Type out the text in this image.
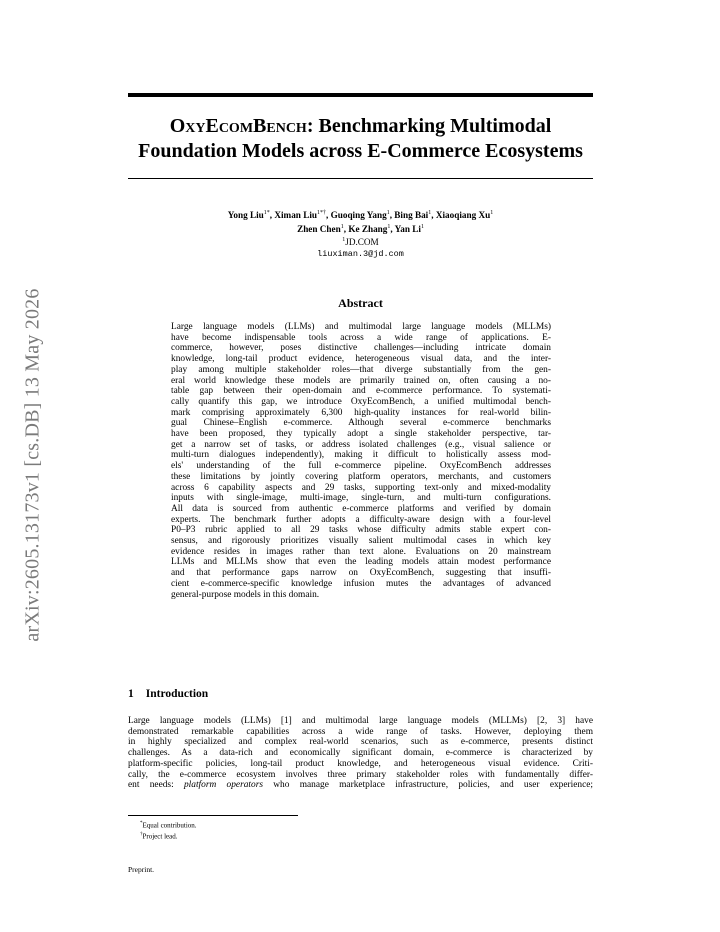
arXiv:2605.13173v1 [cs.DB] 13 May 2026
OxyEcomBench: Benchmarking Multimodal
Foundation Models across E-Commerce Ecosystems
Yong Liu$^{1*}$, Ximan Liu$^{1*\dagger}$, Guoqing Yang$^1$, Bing Bai$^1$, Xiaoqiang Xu$^1$
Zhen Chen$^1$, Ke Zhang$^1$, Yan Li$^1$
$^1$JD.COM
liuximan.3@jd.com
Abstract
Large language models (LLMs) and multimodal large language models (MLLMs)
have become indispensable tools across a wide range of applications. E-
commerce, however, poses distinctive challenges—including intricate domain
knowledge, long-tail product evidence, heterogeneous visual data, and the inter-
play among multiple stakeholder roles—that diverge substantially from the gen-
eral world knowledge these models are primarily trained on, often causing a no-
table gap between their open-domain and e-commerce performance. To systemati-
cally quantify this gap, we introduce OxyEcomBench, a unified multimodal bench-
mark comprising approximately 6,300 high-quality instances for real-world bilin-
gual Chinese–English e-commerce. Although several e-commerce benchmarks
have been proposed, they typically adopt a single stakeholder perspective, tar-
get a narrow set of tasks, or address isolated challenges (e.g., visual salience or
multi-turn dialogues independently), making it difficult to holistically assess mod-
els' understanding of the full e-commerce pipeline. OxyEcomBench addresses
these limitations by jointly covering platform operators, merchants, and customers
across 6 capability aspects and 29 tasks, supporting text-only and mixed-modality
inputs with single-image, multi-image, single-turn, and multi-turn configurations.
All data is sourced from authentic e-commerce platforms and verified by domain
experts. The benchmark further adopts a difficulty-aware design with a four-level
P0–P3 rubric applied to all 29 tasks whose difficulty admits stable expert con-
sensus, and rigorously prioritizes visually salient multimodal cases in which key
evidence resides in images rather than text alone. Evaluations on 20 mainstream
LLMs and MLLMs show that even the leading models attain modest performance
and that performance gaps narrow on OxyEcomBench, suggesting that insuffi-
cient e-commerce-specific knowledge infusion mutes the advantages of advanced
general-purpose models in this domain.
1 Introduction
Large language models (LLMs) [1] and multimodal large language models (MLLMs) [2, 3] have
demonstrated remarkable capabilities across a wide range of tasks. However, deploying them
in highly specialized and complex real-world scenarios, such as e-commerce, presents distinct
challenges. As a data-rich and economically significant domain, e-commerce is characterized by
platform-specific policies, long-tail product knowledge, and heterogeneous visual evidence. Criti-
cally, the e-commerce ecosystem involves three primary stakeholder roles with fundamentally differ-
ent needs: platform operators who manage marketplace infrastructure, policies, and user experience;
*Equal contribution.
†Project lead.
Preprint.
